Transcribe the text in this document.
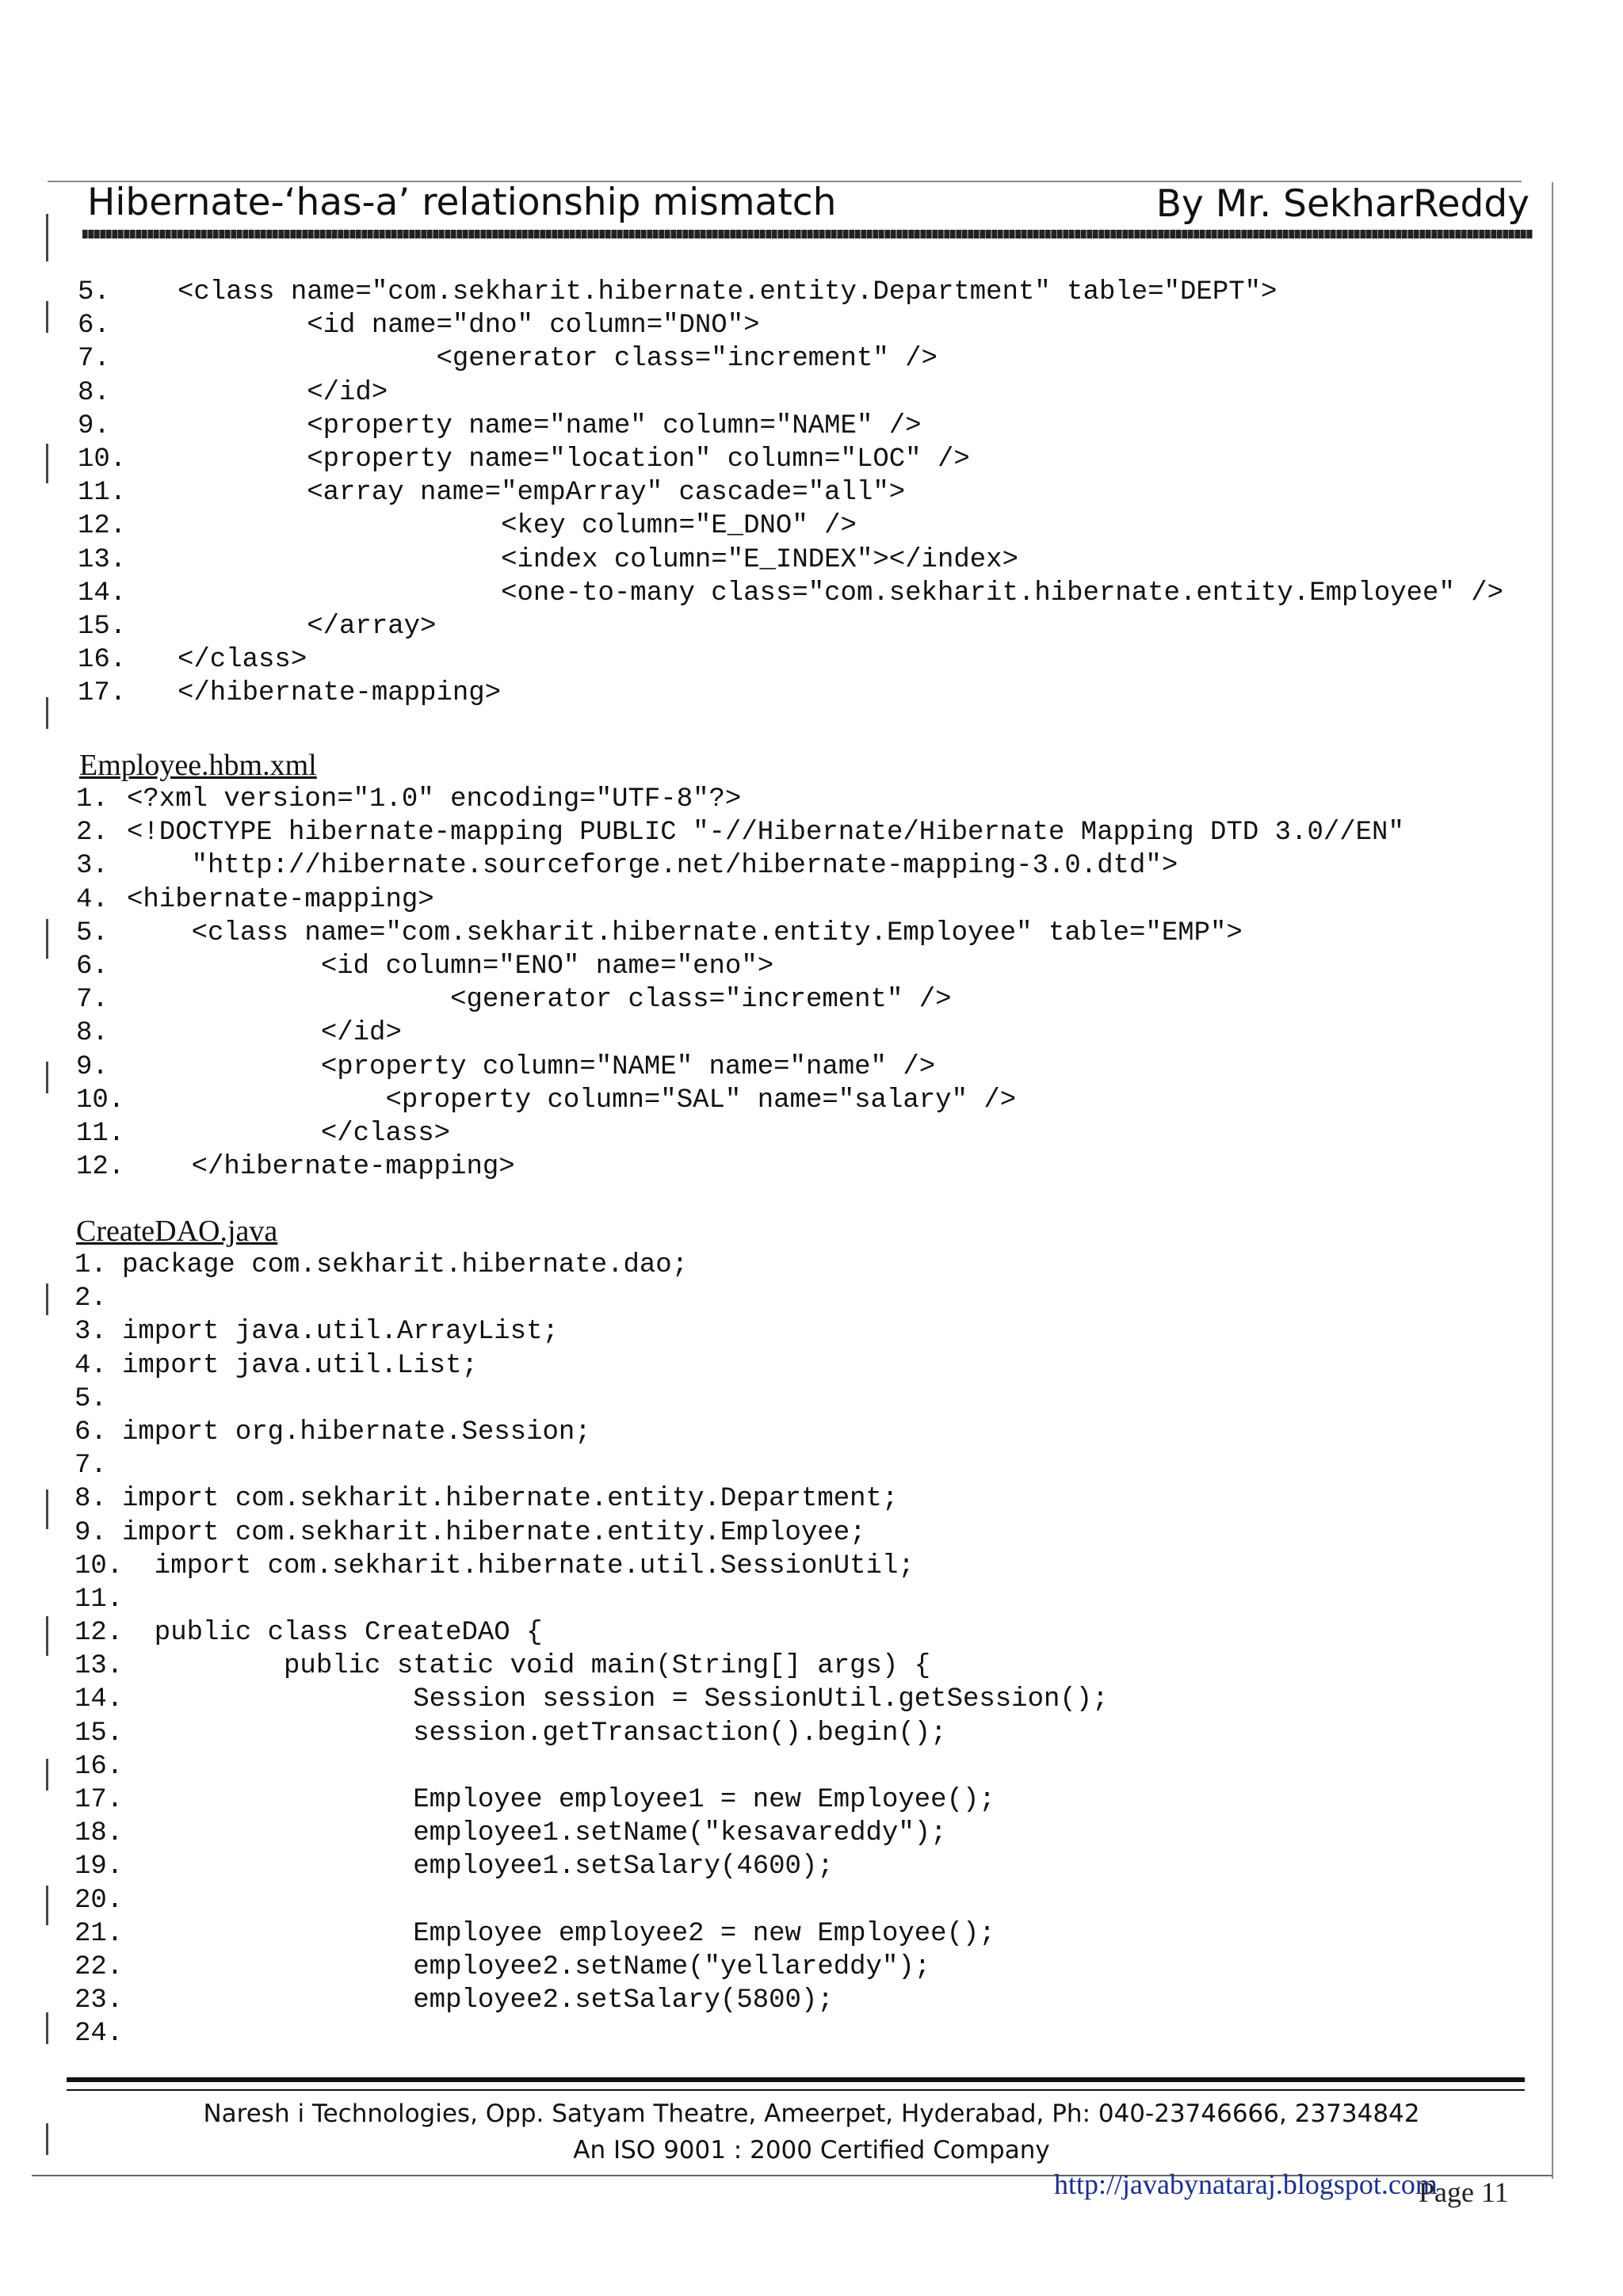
Hibernate-‘has-a’ relationship mismatch	By Mr. SekharReddy
5.	<class name="com.sekharit.hibernate.entity.Department" table="DEPT">
6.	<id name="dno" column="DNO">
7.	<generator class="increment" />
8.	</id>
9.	<property name="name" column="NAME" />
10. <property name="location" column="LOC" />
11. <array name="empArray" cascade="all">
12. <key column="E_DNO" />
13. <index column="E_INDEX"></index>
14. <one-to-many class="com.sekharit.hibernate.entity.Employee" />
15. </array>
16. </class>
17. </hibernate-mapping>
Employee.hbm.xml
1. <?xml version="1.0" encoding="UTF-8"?>
2. <!DOCTYPE hibernate-mapping PUBLIC "-//Hibernate/Hibernate Mapping DTD 3.0//EN"
3. "http://hibernate.sourceforge.net/hibernate-mapping-3.0.dtd">
4. <hibernate-mapping>
5. <class name="com.sekharit.hibernate.entity.Employee" table="EMP">
6. <id column="ENO" name="eno">
7. <generator class="increment" />
8. </id>
9. <property column="NAME" name="name" />
10. <property column="SAL" name="salary" />
11. </class>
12. </hibernate-mapping>
CreateDAO.java
1. package com.sekharit.hibernate.dao;
2.
3. import java.util.ArrayList;
4. import java.util.List;
5.
6. import org.hibernate.Session;
7.
8. import com.sekharit.hibernate.entity.Department;
9. import com.sekharit.hibernate.entity.Employee;
10.
import com.sekharit.hibernate.util.SessionUtil;
11.
12.
public class CreateDAO {
13.
public static void main(String[] args) {
14.
Session session = SessionUtil.getSession();
15.
session.getTransaction().begin();
16.
17.
Employee employee1 = new Employee();
18.
employee1.setName("kesavareddy");
19.
employee1.setSalary(4600);
20.
21.
Employee employee2 = new Employee();
22.
employee2.setName("yellareddy");
23.
employee2.setSalary(5800);
24.
Naresh i Technologies, Opp. Satyam Theatre, Ameerpet, Hyderabad, Ph: 040-23746666, 23734842
An ISO 9001 : 2000 Certified Company
http://javabynataraj.blogspot.com
Page 11
